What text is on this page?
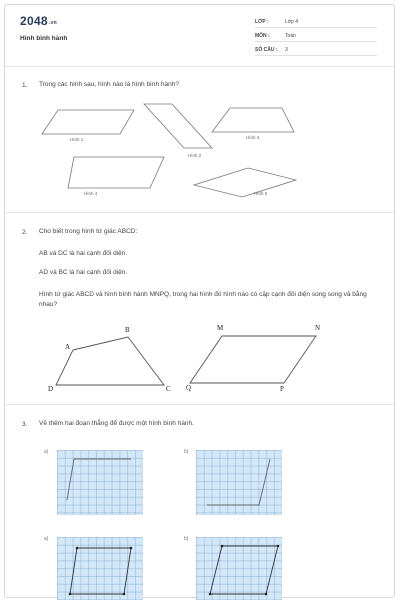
$2048^{.vn}$
Hình bình hành
LỚP :	Lớp 4
MÔN :	Toán
SỐ CÂU : 3
1. Trong các hình sau, hình nào là hình bình hành?
Hình 1
Hình 2
Hình 3
Hình 4	Hình 5
2. Cho biết trong hình tứ giác ABCD:
AB và DC là hai cạnh đối diện.
AD và BC là hai cạnh đối diện.
Hình tứ giác ABCD và hình bình hành MNPQ, trong hai hình đó hình nào có cặp cạnh đối diện song song và bằng nhau?
A
B
C
D
M	N
P
Q
3. Vẽ thêm hai đoạn thẳng để được một hình bình hành.
a)	b)
a)	b)
